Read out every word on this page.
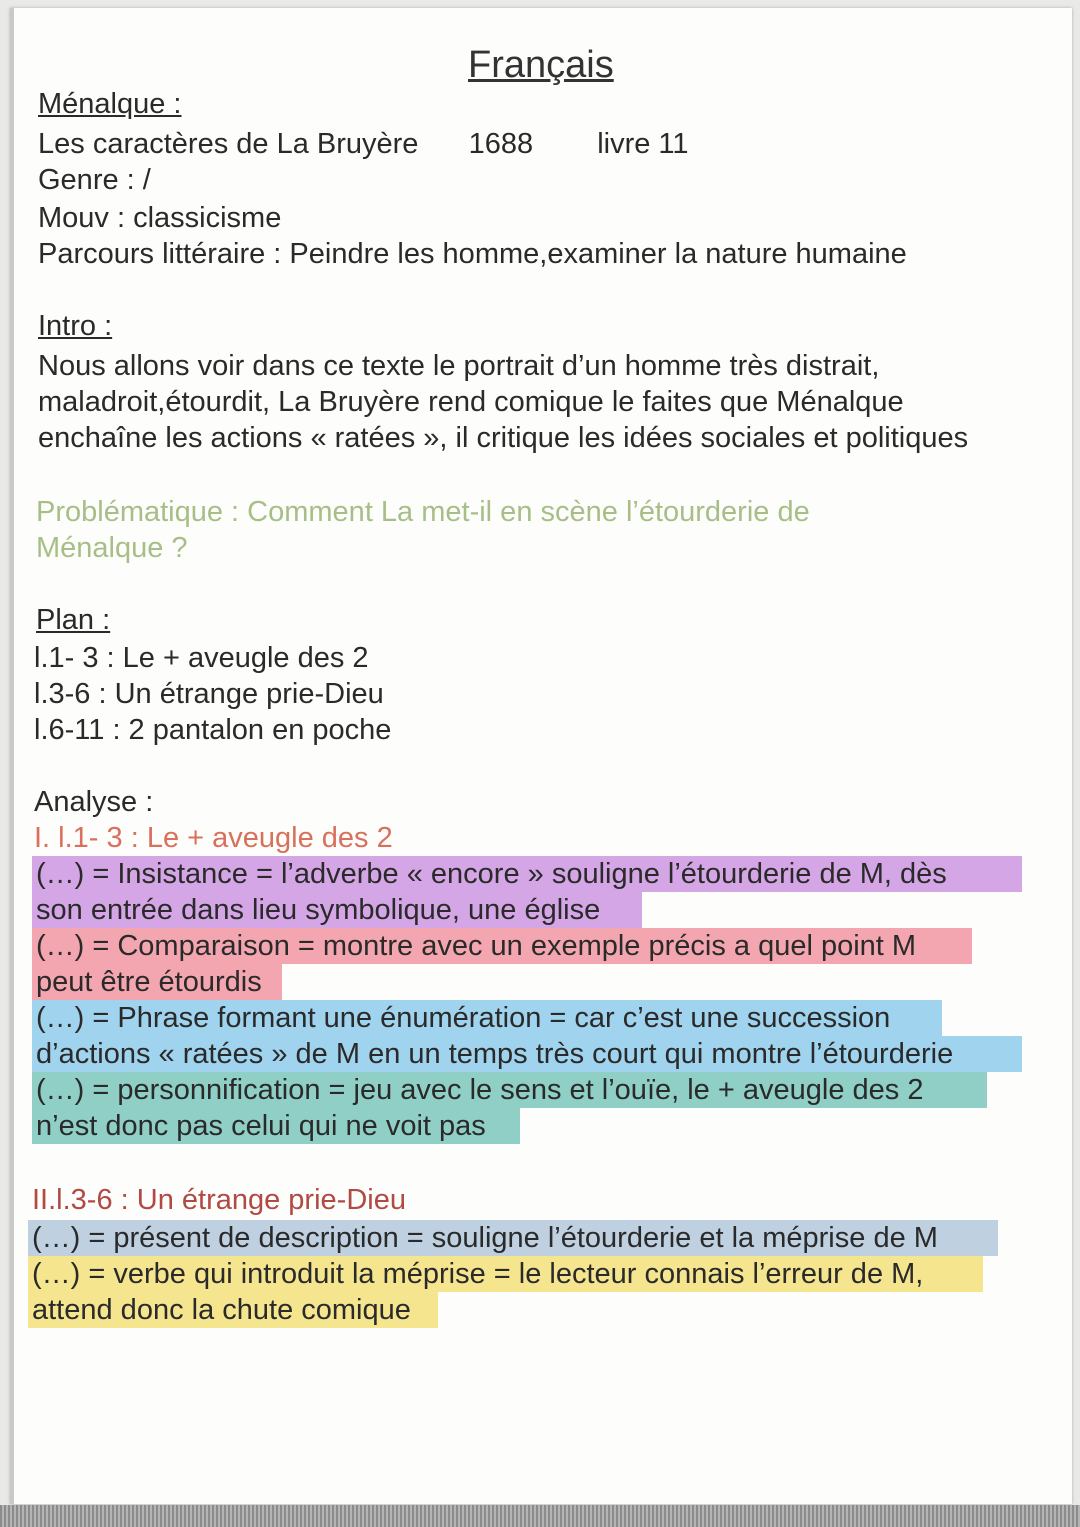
Français
Ménalque :
Les caractères de La Bruyère 1688 livre 11
Genre : /
Mouv : classicisme
Parcours littéraire : Peindre les homme,examiner la nature humaine
Intro :
Nous allons voir dans ce texte le portrait d’un homme très distrait,
maladroit,étourdit, La Bruyère rend comique le faites que Ménalque
enchaîne les actions « ratées », il critique les idées sociales et politiques
Problématique : Comment La met-il en scène l’étourderie de
Ménalque ?
Plan :
l.1- 3 : Le + aveugle des 2
l.3-6 : Un étrange prie-Dieu
l.6-11 : 2 pantalon en poche
Analyse :
I. l.1- 3 : Le + aveugle des 2
(…) = Insistance = l’adverbe « encore » souligne l’étourderie de M, dès
son entrée dans lieu symbolique, une église
(…) = Comparaison = montre avec un exemple précis a quel point M
peut être étourdis
(…) = Phrase formant une énumération = car c’est une succession
d’actions « ratées » de M en un temps très court qui montre l’étourderie
(…) = personnification = jeu avec le sens et l’ouïe, le + aveugle des 2
n’est donc pas celui qui ne voit pas
II.l.3-6 : Un étrange prie-Dieu
(…) = présent de description = souligne l’étourderie et la méprise de M
(…) = verbe qui introduit la méprise = le lecteur connais l’erreur de M,
attend donc la chute comique
